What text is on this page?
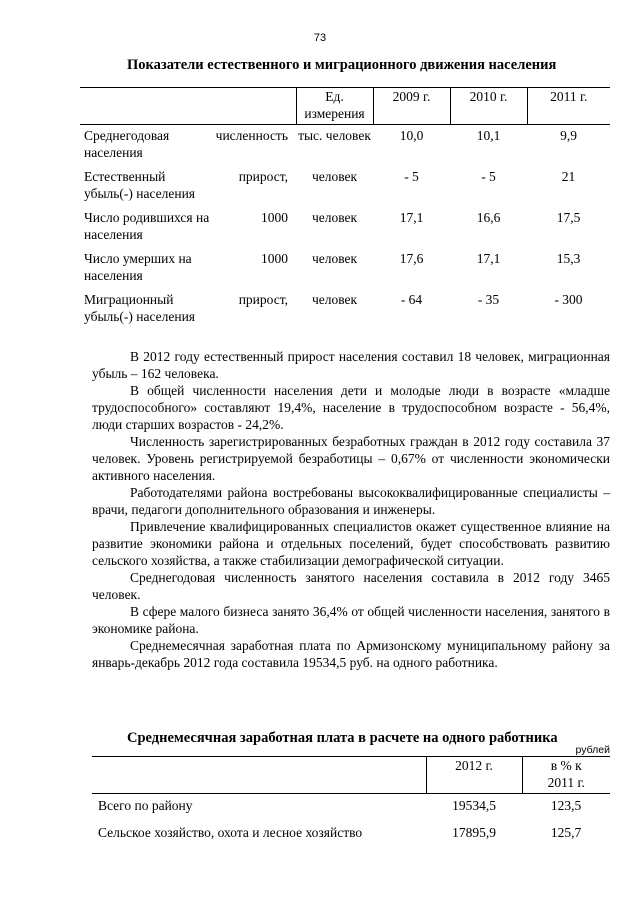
73
Показатели естественного и миграционного движения населения
	Ед. измерения	2009 г.	2010 г.	2011 г.

Среднегодовая численность
населения	тыс. человек	10,0	10,1	9,9

Естественный прирост,
убыль(-) населения	человек	- 5	- 5	21

Число родившихся на 1000
населения	человек	17,1	16,6	17,5

Число умерших на 1000
населения	человек	17,6	17,1	15,3

Миграционный прирост,
убыль(-) населения	человек	- 64	- 35	- 300

В 2012 году естественный прирост населения составил 18 человек, миграционная убыль – 162 человека.

В общей численности населения дети и молодые люди в возрасте «младше трудоспособного» составляют 19,4%, население в трудоспособном возрасте - 56,4%, люди старших возрастов - 24,2%.

Численность зарегистрированных безработных граждан в 2012 году составила 37 человек. Уровень регистрируемой безработицы – 0,67% от численности экономически активного населения.

Работодателями района востребованы высококвалифицированные специалисты – врачи, педагоги дополнительного образования и инженеры.

Привлечение квалифицированных специалистов окажет существенное влияние на развитие экономики района и отдельных поселений, будет способствовать развитию сельского хозяйства, а также стабилизации демографической ситуации.

Среднегодовая численность занятого населения составила в 2012 году 3465 человек.

В сфере малого бизнеса занято 36,4% от общей численности населения, занятого в экономике района.

Среднемесячная заработная плата по Армизонскому муниципальному району за январь-декабрь 2012 года составила 19534,5 руб. на одного работника.

Среднемесячная заработная плата в расчете на одного работника
рублей
	2012 г.	в % к 2011 г.
Всего по району	19534,5	123,5
Сельское хозяйство, охота и лесное хозяйство	17895,9	125,7
